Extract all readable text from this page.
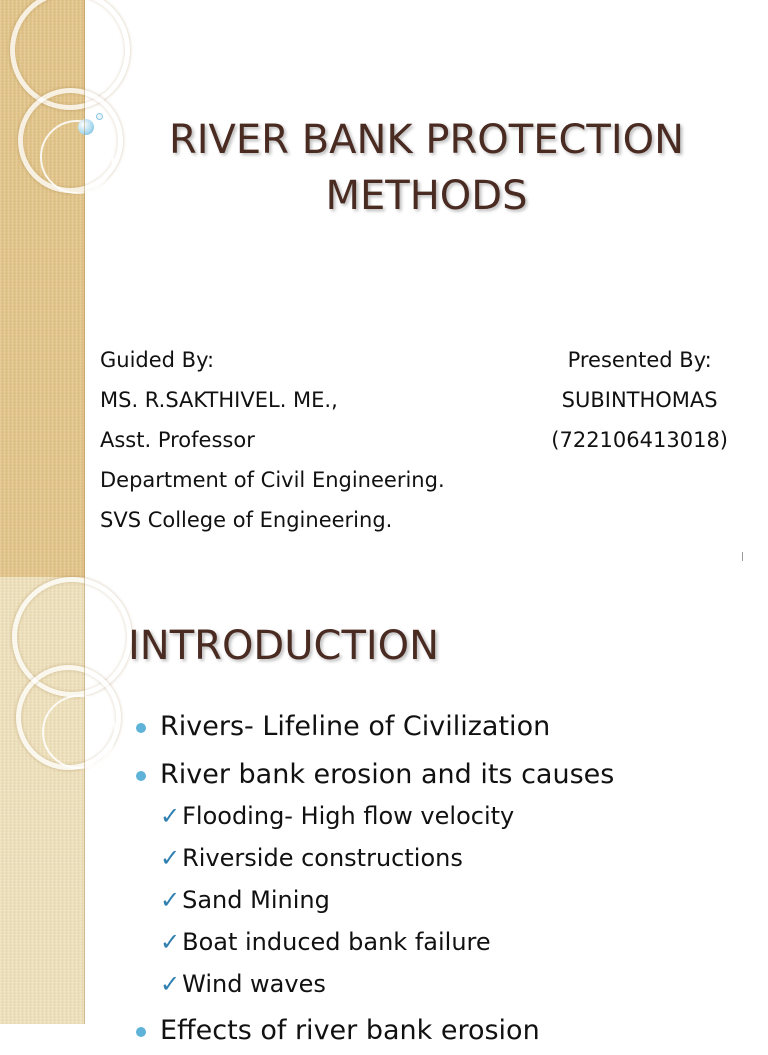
RIVER BANK PROTECTION
METHODS
Guided By:
MS. R.SAKTHIVEL. ME.,
Asst. Professor
Department of Civil Engineering.
SVS College of Engineering.
Presented By:
SUBINTHOMAS
(722106413018)
INTRODUCTION
Rivers- Lifeline of Civilization
River bank erosion and its causes
✓Flooding- High flow velocity
✓Riverside constructions
✓Sand Mining
✓Boat induced bank failure
✓Wind waves
Effects of river bank erosion
